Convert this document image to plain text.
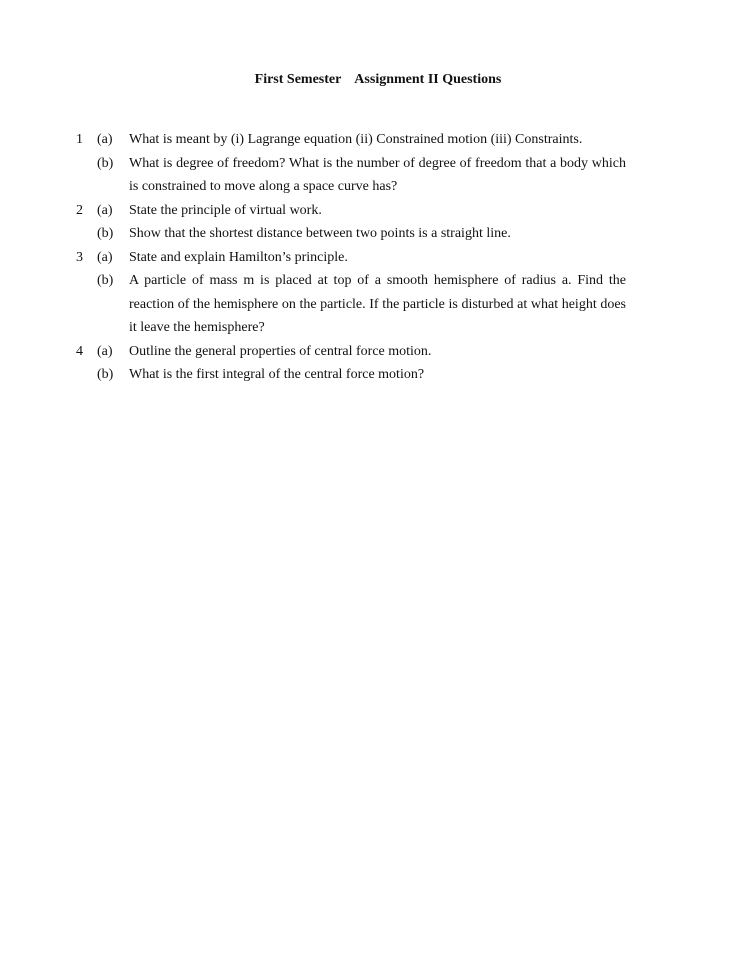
First Semester    Assignment II Questions
1	(a)	What is meant by (i) Lagrange equation (ii) Constrained motion (iii) Constraints.
(b)	What is degree of freedom? What is the number of degree of freedom that a body which is constrained to move along a space curve has?
2	(a)	State the principle of virtual work.
(b)	Show that the shortest distance between two points is a straight line.
3	(a)	State and explain Hamilton’s principle.
(b)	A particle of mass m is placed at top of a smooth hemisphere of radius a. Find the reaction of the hemisphere on the particle. If the particle is disturbed at what height does it leave the hemisphere?
4	(a)	Outline the general properties of central force motion.
(b)	What is the first integral of the central force motion?
